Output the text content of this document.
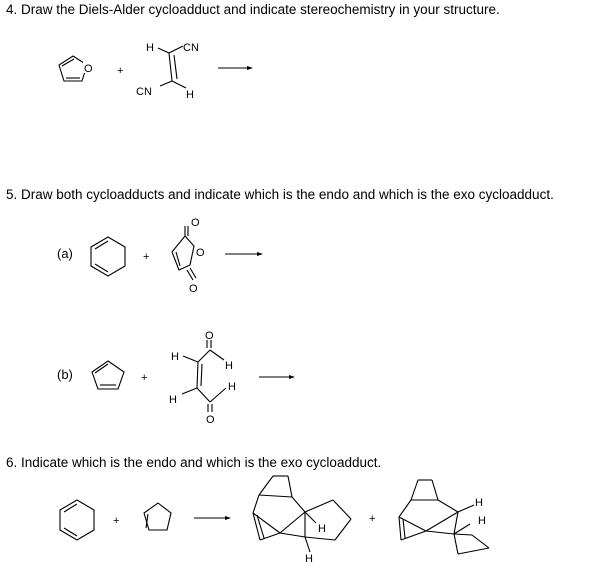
4. Draw the Diels-Alder cycloadduct and indicate stereochemistry in your structure.
5. Draw both cycloadducts and indicate which is the endo and which is the exo cycloadduct.
6. Indicate which is the endo and which is the exo cycloadduct.
(a)
(b)
O +
H	CN
CN	H
+	O
O
O
+
O
H
H
H
H
O
+
H
H
+
H
H
